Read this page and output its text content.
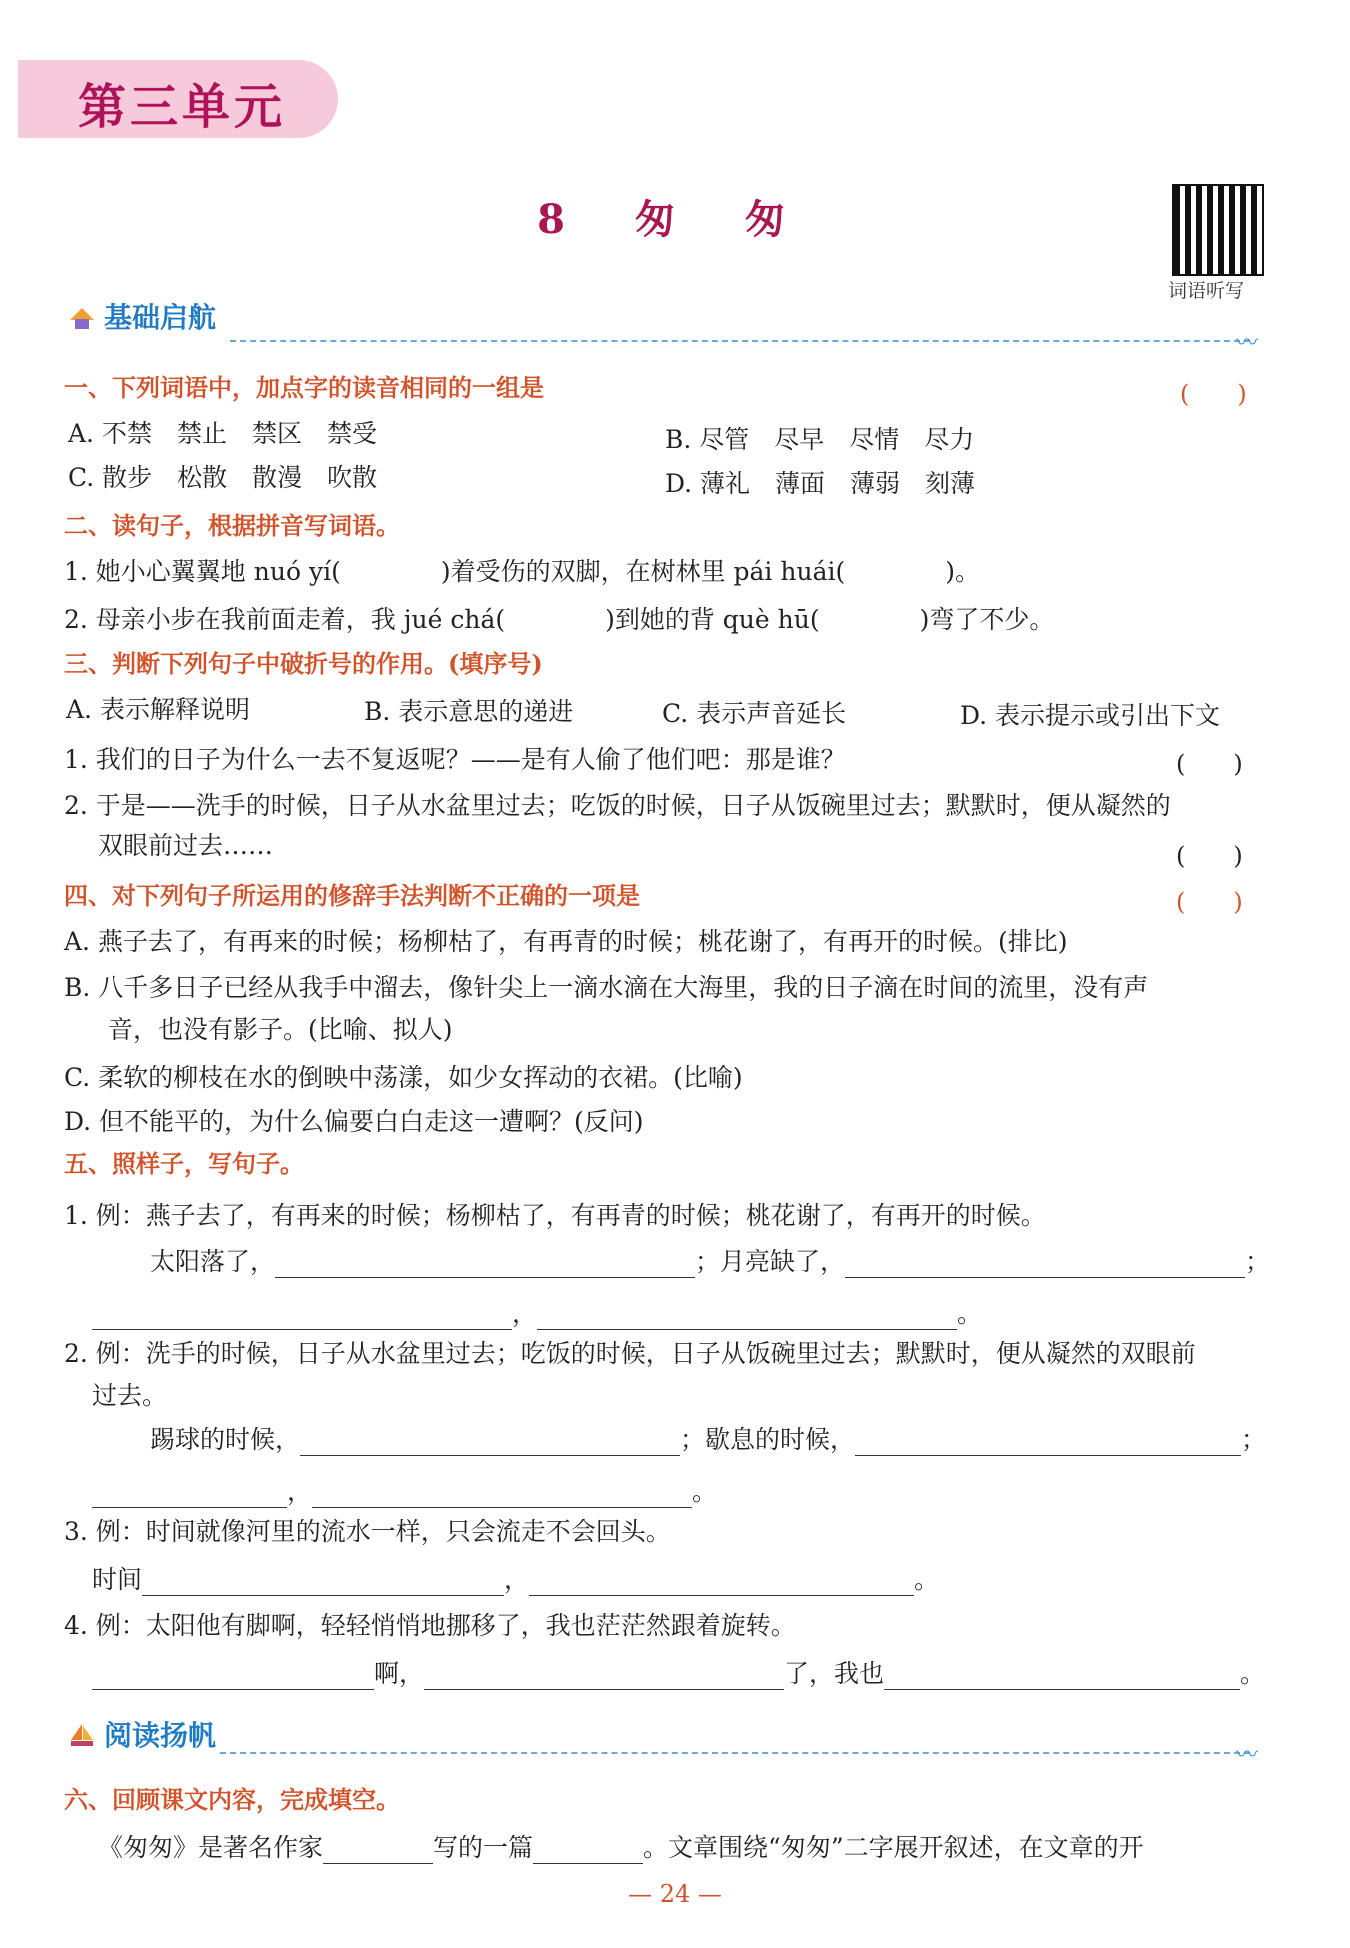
第三单元
8 匆 匆
词语听写
基础启航
〰
一、下列词语中，加点字的读音相同的一组是	(　　)
A. 不禁　禁止　禁区　禁受	B. 尽管　尽早　尽情　尽力
C. 散步　松散　散漫　吹散	D. 薄礼　薄面　薄弱　刻薄
二、读句子，根据拼音写词语。
1. 她小心翼翼地 nuó yí(　　　　)着受伤的双脚，在树林里 pái huái(　　　　)。
2. 母亲小步在我前面走着，我 jué chá(　　　　)到她的背 què hū(　　　　)弯了不少。
三、判断下列句子中破折号的作用。(填序号)
A. 表示解释说明	B. 表示意思的递进	C. 表示声音延长	D. 表示提示或引出下文
1. 我们的日子为什么一去不复返呢？——是有人偷了他们吧：那是谁？	(　　)
2. 于是——洗手的时候，日子从水盆里过去；吃饭的时候，日子从饭碗里过去；默默时，便从凝然的
双眼前过去……	(　　)
四、对下列句子所运用的修辞手法判断不正确的一项是	(　　)
A. 燕子去了，有再来的时候；杨柳枯了，有再青的时候；桃花谢了，有再开的时候。(排比)
B. 八千多日子已经从我手中溜去，像针尖上一滴水滴在大海里，我的日子滴在时间的流里，没有声
音，也没有影子。(比喻、拟人)
C. 柔软的柳枝在水的倒映中荡漾，如少女挥动的衣裙。(比喻)
D. 但不能平的，为什么偏要白白走这一遭啊？(反问)
五、照样子，写句子。
1. 例：燕子去了，有再来的时候；杨柳枯了，有再青的时候；桃花谢了，有再开的时候。
太阳落了，	；月亮缺了，	；
，	。
2. 例：洗手的时候，日子从水盆里过去；吃饭的时候，日子从饭碗里过去；默默时，便从凝然的双眼前
过去。
踢球的时候，	；歇息的时候，	；
，	。
3. 例：时间就像河里的流水一样，只会流走不会回头。
时间	，	。
4. 例：太阳他有脚啊，轻轻悄悄地挪移了，我也茫茫然跟着旋转。
啊，	了，我也	。
阅读扬帆
〰
六、回顾课文内容，完成填空。
《匆匆》是著名作家	写的一篇	。文章围绕“匆匆”二字展开叙述，在文章的开
— 24 —
